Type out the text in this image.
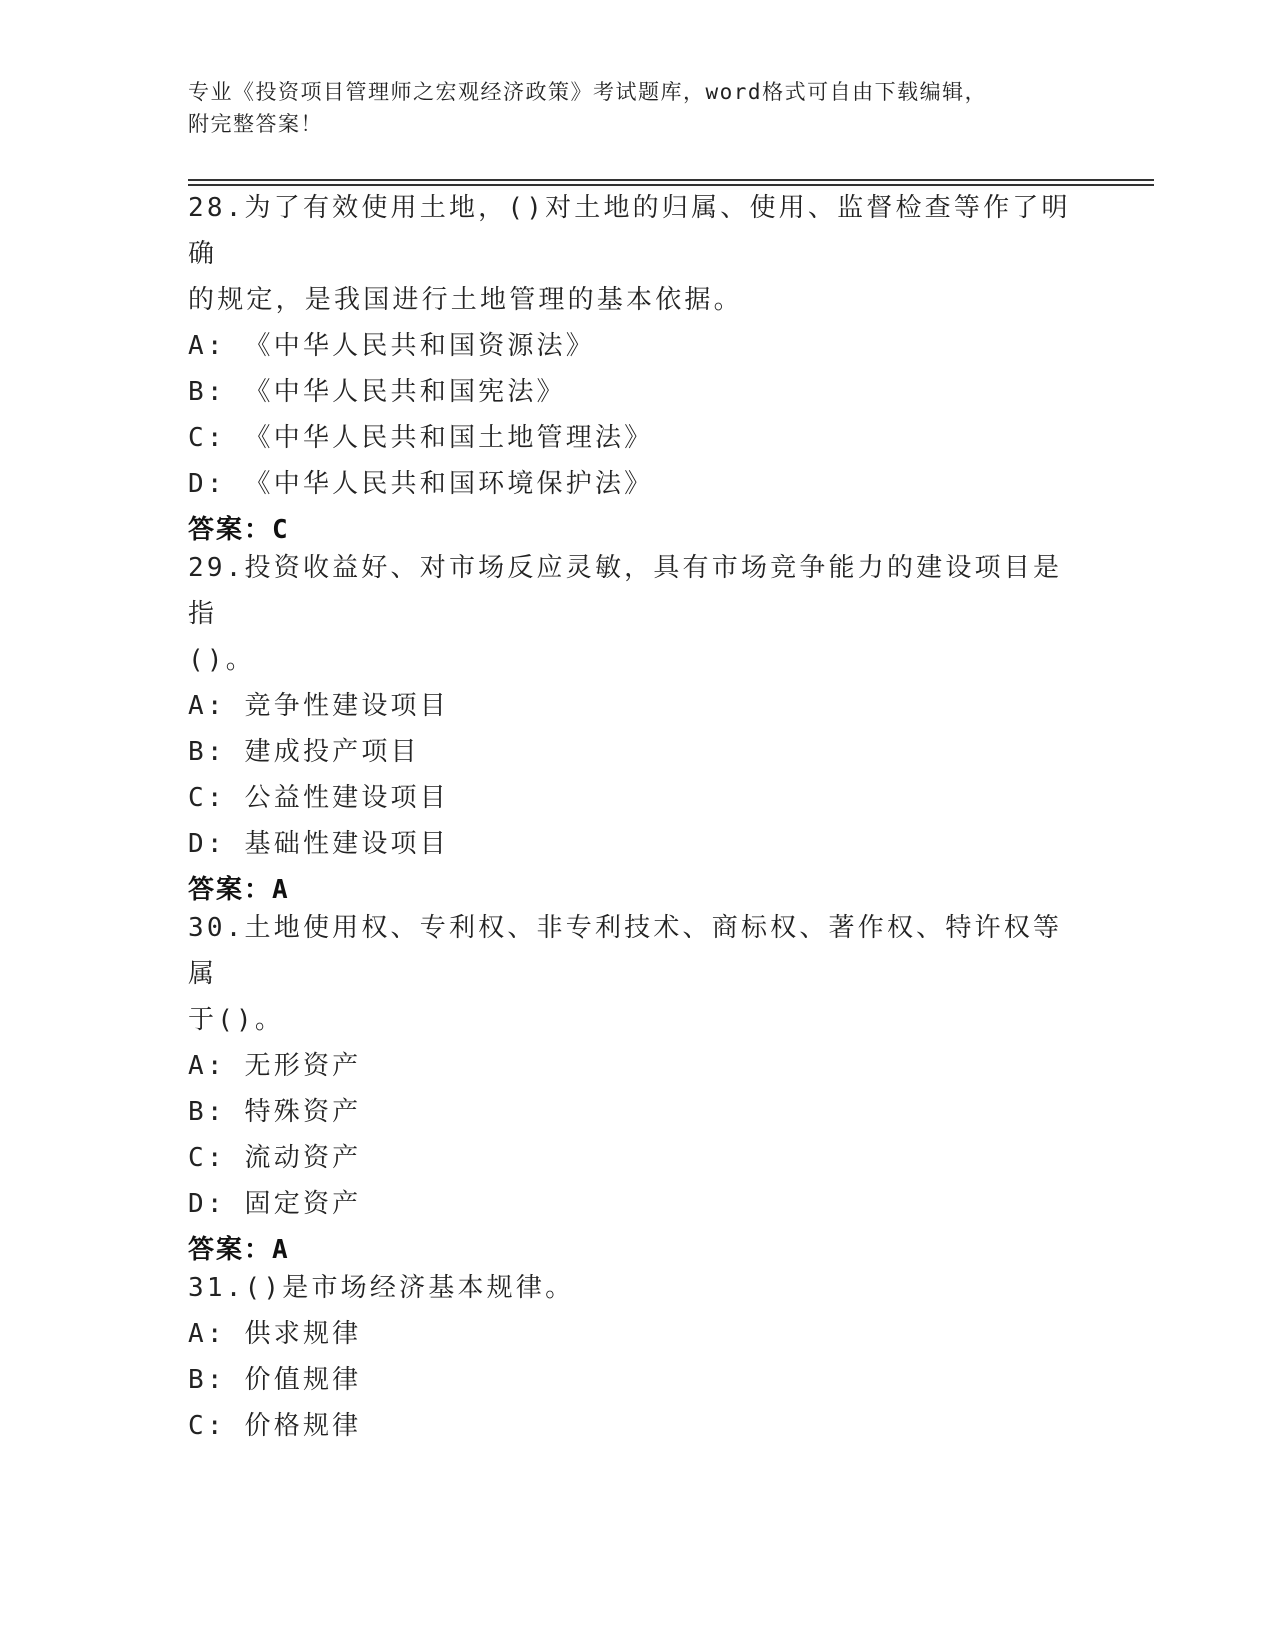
专业《投资项目管理师之宏观经济政策》考试题库，word格式可自由下载编辑，
附完整答案！
28.为了有效使用土地，()对土地的归属、使用、监督检查等作了明确
的规定，是我国进行土地管理的基本依据。
A: 《中华人民共和国资源法》
B: 《中华人民共和国宪法》
C: 《中华人民共和国土地管理法》
D: 《中华人民共和国环境保护法》
答案：C
29.投资收益好、对市场反应灵敏，具有市场竞争能力的建设项目是指
()。
A: 竞争性建设项目
B: 建成投产项目
C: 公益性建设项目
D: 基础性建设项目
答案：A
30.土地使用权、专利权、非专利技术、商标权、著作权、特许权等属
于()。
A: 无形资产
B: 特殊资产
C: 流动资产
D: 固定资产
答案：A
31.()是市场经济基本规律。
A: 供求规律
B: 价值规律
C: 价格规律
